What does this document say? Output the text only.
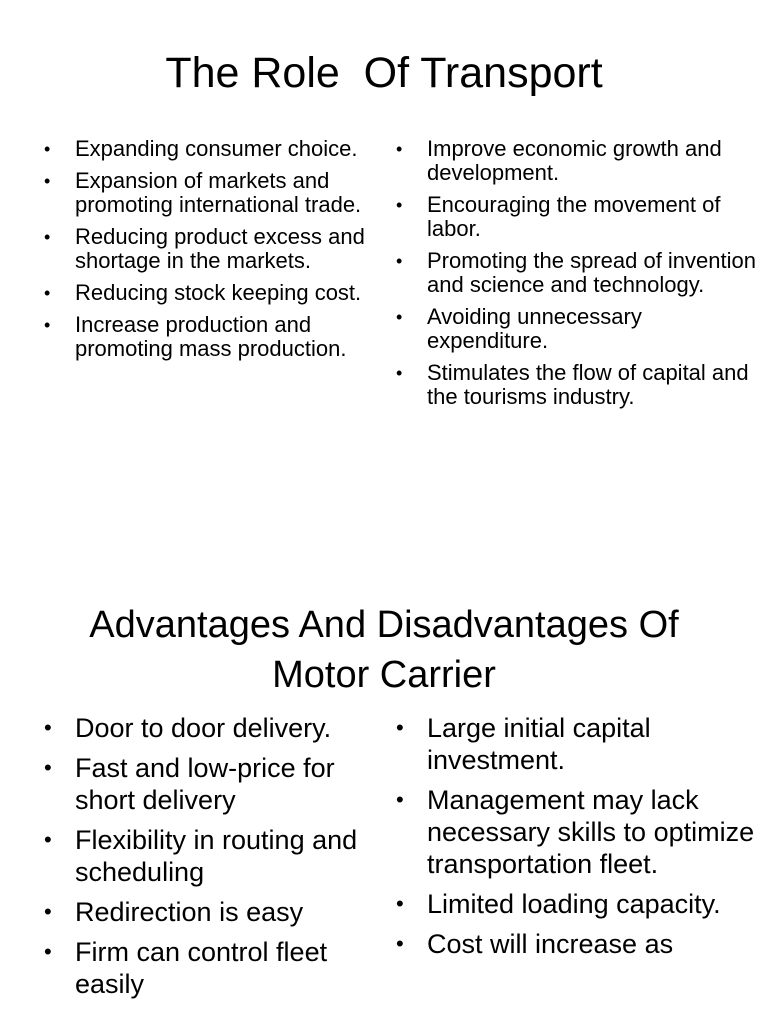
The Role  Of Transport
• Expanding consumer choice.
• Expansion of markets and promoting international trade.
• Reducing product excess and shortage in the markets.
• Reducing stock keeping cost.
• Increase production and promoting mass production.
• Improve economic growth and development.
• Encouraging the movement of labor.
• Promoting the spread of invention and science and technology.
• Avoiding unnecessary expenditure.
• Stimulates the flow of capital and the tourisms industry.
Advantages And Disadvantages Of
Motor Carrier
• Door to door delivery.
• Fast and low-price for short delivery
• Flexibility in routing and scheduling
• Redirection is easy
• Firm can control fleet easily
• Large initial capital investment.
• Management may lack necessary skills to optimize transportation fleet.
• Limited loading capacity.
• Cost will increase as
